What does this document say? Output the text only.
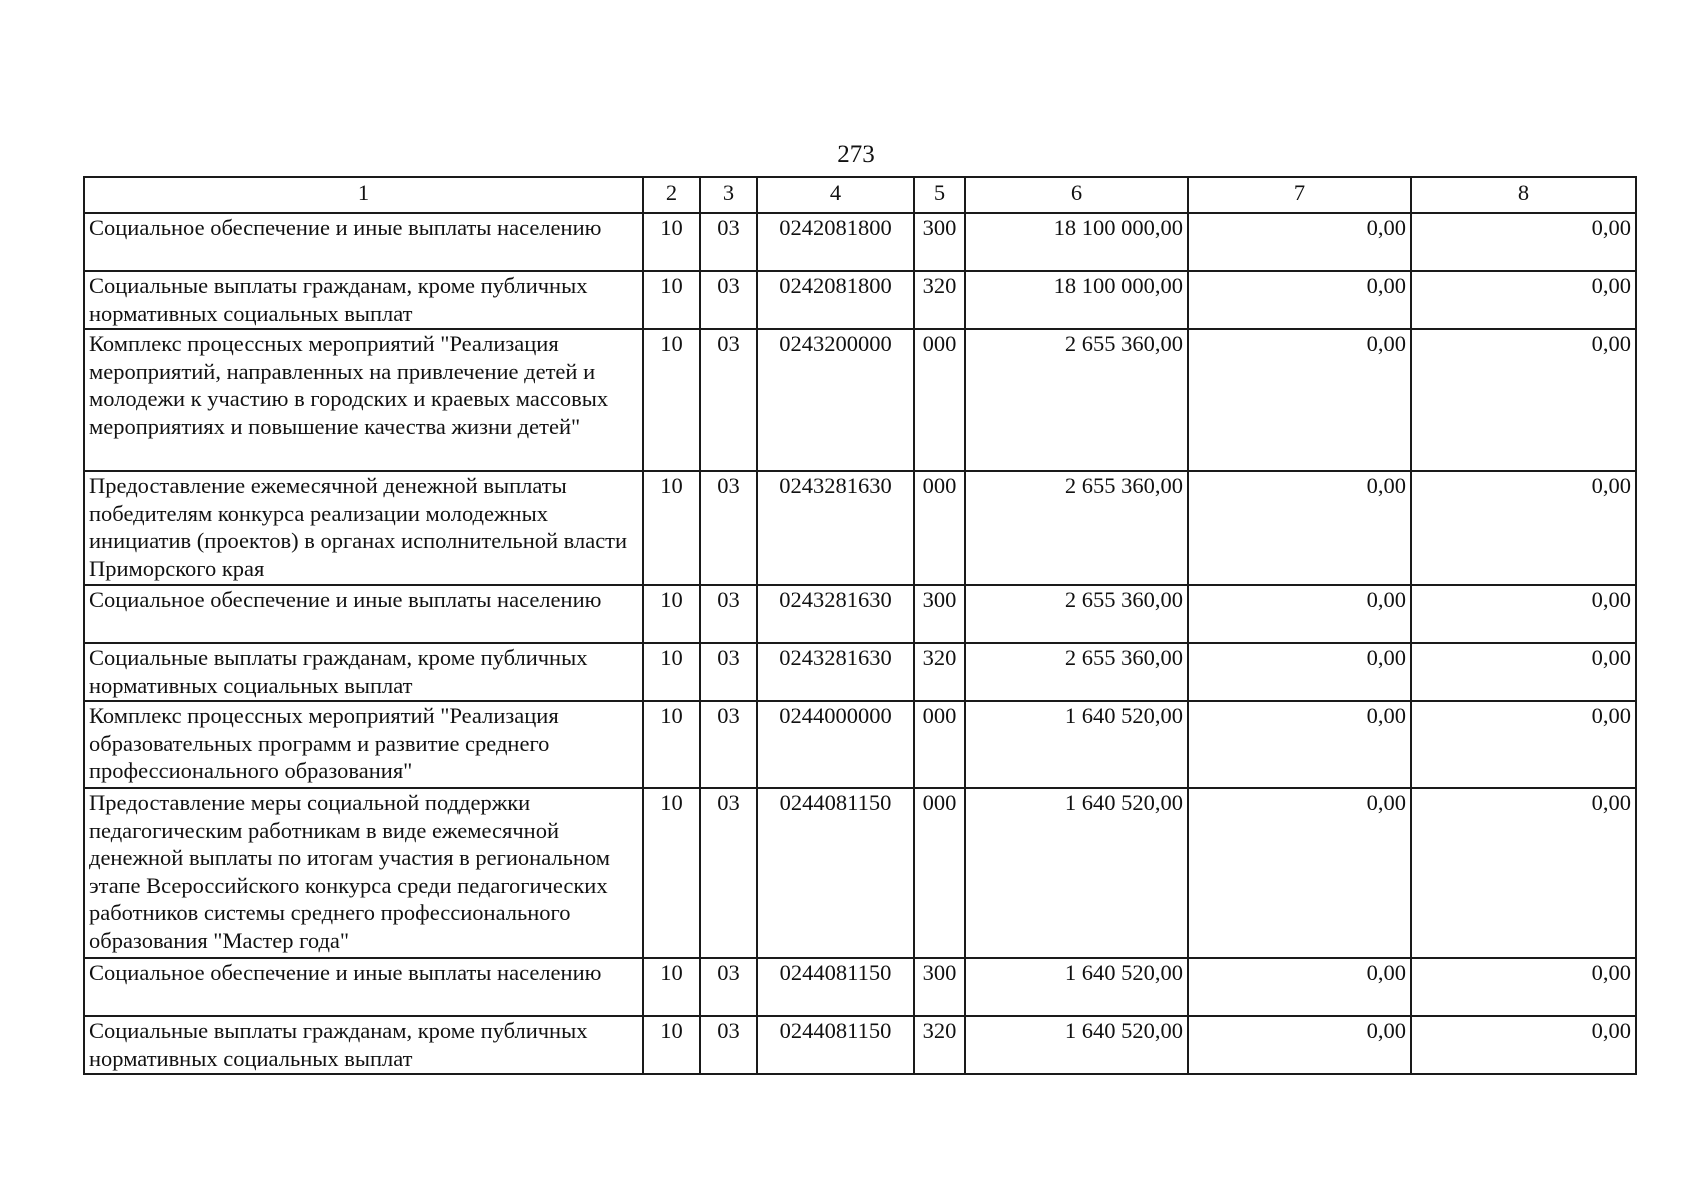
273
1	2	3	4	5	6	7	8
Социальное обеспечение и иные выплаты населению	10	03	0242081800	300	18 100 000,00	0,00	0,00
Социальные выплаты гражданам, кроме публичных нормативных социальных выплат	10	03	0242081800	320	18 100 000,00	0,00	0,00
Комплекс процессных мероприятий "Реализация мероприятий, направленных на привлечение детей и молодежи к участию в городских и краевых массовых мероприятиях и повышение качества жизни детей"	10	03	0243200000	000	2 655 360,00	0,00	0,00
Предоставление ежемесячной денежной выплаты победителям конкурса реализации молодежных инициатив (проектов) в органах исполнительной власти Приморского края	10	03	0243281630	000	2 655 360,00	0,00	0,00
Социальное обеспечение и иные выплаты населению	10	03	0243281630	300	2 655 360,00	0,00	0,00
Социальные выплаты гражданам, кроме публичных нормативных социальных выплат	10	03	0243281630	320	2 655 360,00	0,00	0,00
Комплекс процессных мероприятий "Реализация образовательных программ и развитие среднего профессионального образования"	10	03	0244000000	000	1 640 520,00	0,00	0,00
Предоставление меры социальной поддержки педагогическим работникам в виде ежемесячной денежной выплаты по итогам участия в региональном этапе Всероссийского конкурса среди педагогических работников системы среднего профессионального образования "Мастер года"	10	03	0244081150	000	1 640 520,00	0,00	0,00
Социальное обеспечение и иные выплаты населению	10	03	0244081150	300	1 640 520,00	0,00	0,00
Социальные выплаты гражданам, кроме публичных нормативных социальных выплат	10	03	0244081150	320	1 640 520,00	0,00	0,00
